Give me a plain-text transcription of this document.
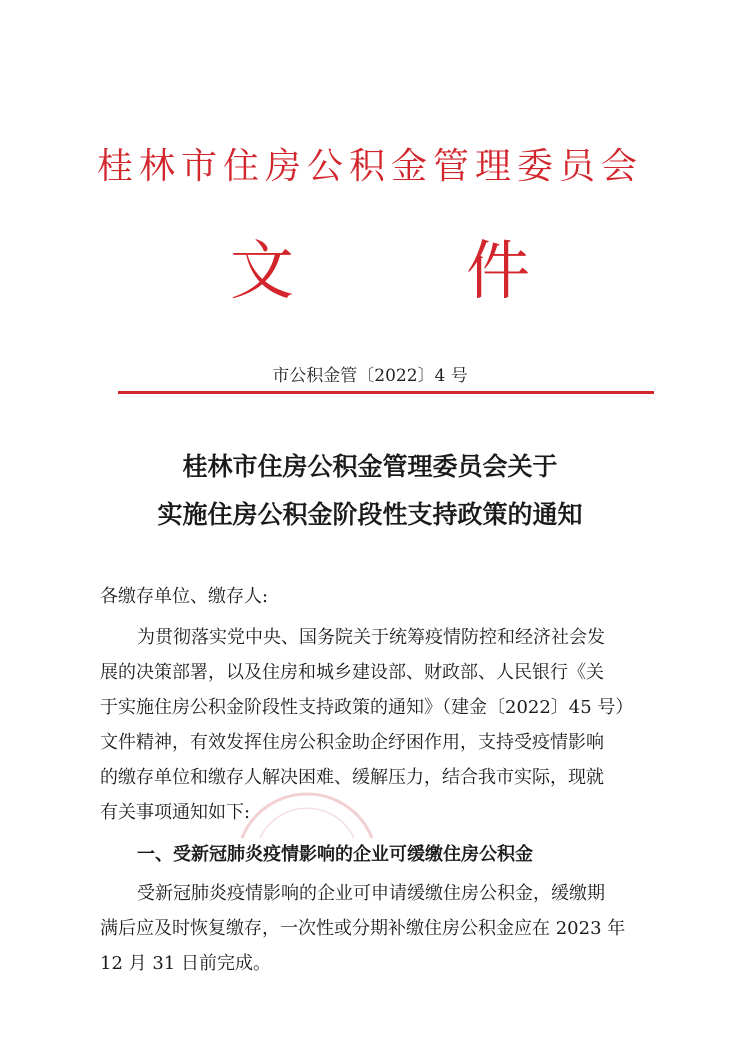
桂林市住房公积金管理委员会
文	件
市公积金管〔2022〕4 号
桂林市住房公积金管理委员会关于
实施住房公积金阶段性支持政策的通知
各缴存单位、缴存人:
为贯彻落实党中央、国务院关于统筹疫情防控和经济社会发
展的决策部署，以及住房和城乡建设部、财政部、人民银行《关
于实施住房公积金阶段性支持政策的通知》（建金〔2022〕45 号）
文件精神，有效发挥住房公积金助企纾困作用，支持受疫情影响
的缴存单位和缴存人解决困难、缓解压力，结合我市实际，现就
有关事项通知如下:
一、受新冠肺炎疫情影响的企业可缓缴住房公积金
受新冠肺炎疫情影响的企业可申请缓缴住房公积金，缓缴期
满后应及时恢复缴存，一次性或分期补缴住房公积金应在 2023 年
12 月 31 日前完成。
